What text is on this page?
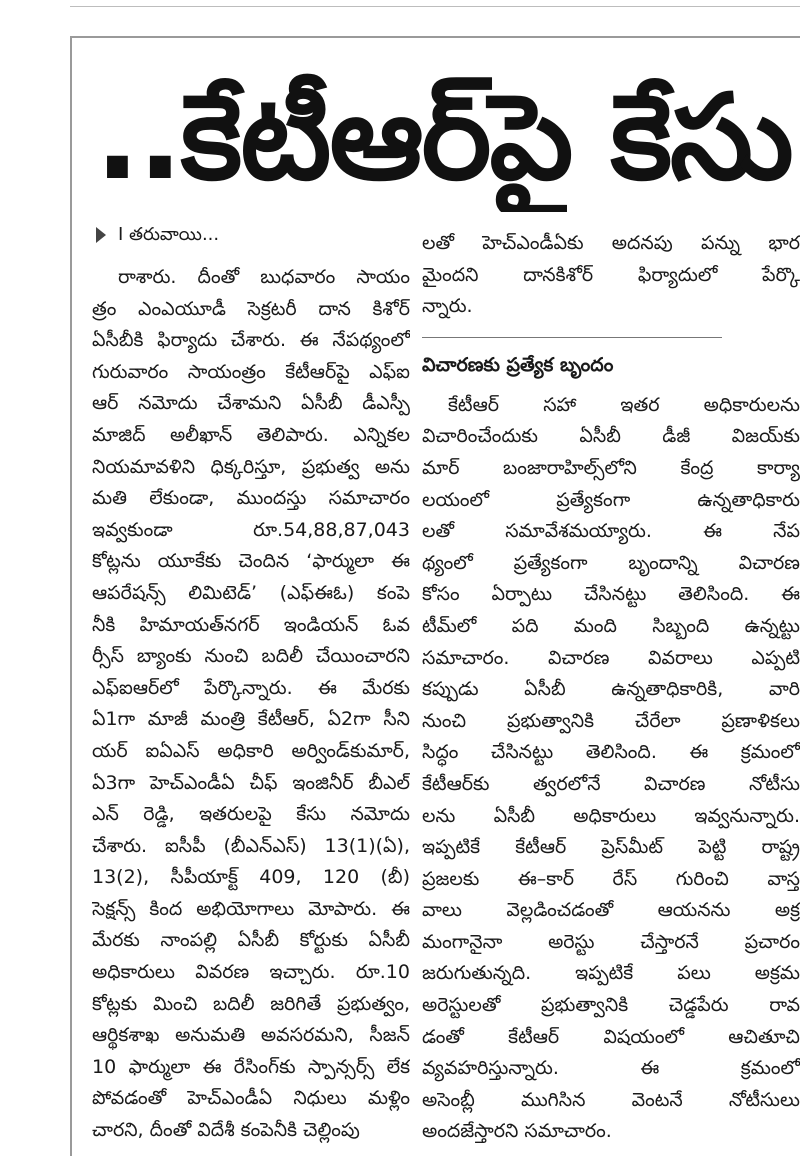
..కేటీఆర్‌పై కేసు
I తరువాయి...
రాశారు. దీంతో బుధవారం సాయం
త్రం ఎంఎయూడీ సెక్రటరీ దాన కిశోర్
ఏసీబీకి ఫిర్యాదు చేశారు. ఈ నేపథ్యంలో
గురువారం సాయంత్రం కేటీఆర్‌పై ఎఫ్ఐ
ఆర్ నమోదు చేశామని ఏసీబీ డీఎస్పీ
మాజిద్ అలీఖాన్ తెలిపారు. ఎన్నికల
నియమావళిని ధిక్కరిస్తూ, ప్రభుత్వ అను
మతి లేకుండా, ముందస్తు సమాచారం
ఇవ్వకుండా రూ.54,88,87,043
కోట్లను యూకేకు చెందిన ‘ఫార్ములా ఈ
ఆపరేషన్స్ లిమిటెడ్’ (ఎఫ్ఈఓ) కంపె
నీకి హిమాయత్‌నగర్ ఇండియన్ ఓవ
ర్సీస్ బ్యాంకు నుంచి బదిలీ చేయించారని
ఎఫ్ఐఆర్‌లో పేర్కొన్నారు. ఈ మేరకు
ఏ1గా మాజీ మంత్రి కేటీఆర్, ఏ2గా సీని
యర్ ఐఏఎస్ అధికారి అర్విండ్‌కుమార్,
ఏ3గా హెచ్ఎండీఏ చీఫ్ ఇంజినీర్ బీఎల్
ఎన్ రెడ్డి, ఇతరులపై కేసు నమోదు
చేశారు. ఐసీపీ (బీఎన్ఎస్) 13(1)(ఏ),
13(2), సీపీయాక్ట్ 409, 120 (బీ)
సెక్షన్స్ కింద అభియోగాలు మోపారు. ఈ
మేరకు నాంపల్లి ఏసీబీ కోర్టుకు ఏసీబీ
అధికారులు వివరణ ఇచ్చారు. రూ.10
కోట్లకు మించి బదిలీ జరిగితే ప్రభుత్వం,
ఆర్థికశాఖ అనుమతి అవసరమని, సీజన్
10 ఫార్ములా ఈ రేసింగ్‌కు స్పాన్సర్స్ లేక
పోవడంతో హెచ్ఎండీఏ నిధులు మళ్లిం
చారని, దీంతో విదేశీ కంపెనీకి చెల్లింపు
లతో హెచ్ఎండీఏకు అదనపు పన్ను భార
మైందని దానకిశోర్ ఫిర్యాదులో పేర్కొ
న్నారు.
విచారణకు ప్రత్యేక బృందం
కేటీఆర్ సహా ఇతర అధికారులను
విచారించేందుకు ఏసీబీ డీజీ విజయ్‌కు
మార్ బంజారాహిల్స్‌లోని కేంద్ర కార్యా
లయంలో ప్రత్యేకంగా ఉన్నతాధికారు
లతో సమావేశమయ్యారు. ఈ నేప
థ్యంలో ప్రత్యేకంగా బృందాన్ని విచారణ
కోసం ఏర్పాటు చేసినట్టు తెలిసింది. ఈ
టీమ్‌లో పది మంది సిబ్బంది ఉన్నట్టు
సమాచారం. విచారణ వివరాలు ఎప్పటి
కప్పుడు ఏసీబీ ఉన్నతాధికారికి, వారి
నుంచి ప్రభుత్వానికి చేరేలా ప్రణాళికలు
సిద్ధం చేసినట్టు తెలిసింది. ఈ క్రమంలో
కేటీఆర్‌కు త్వరలోనే విచారణ నోటీసు
లను ఏసీబీ అధికారులు ఇవ్వనున్నారు.
ఇప్పటికే కేటీఆర్ ప్రెస్‌మీట్ పెట్టి రాష్ట్ర
ప్రజలకు ఈ–కార్ రేస్ గురించి వాస్త
వాలు వెల్లడించడంతో ఆయనను అక్ర
మంగానైనా అరెస్టు చేస్తారనే ప్రచారం
జరుగుతున్నది. ఇప్పటికే పలు అక్రమ
అరెస్టులతో ప్రభుత్వానికి చెడ్డపేరు రావ
డంతో కేటీఆర్ విషయంలో ఆచితూచి
వ్యవహరిస్తున్నారు. ఈ క్రమంలో
అసెంబ్లీ ముగిసిన వెంటనే నోటీసులు
అందజేస్తారని సమాచారం.
